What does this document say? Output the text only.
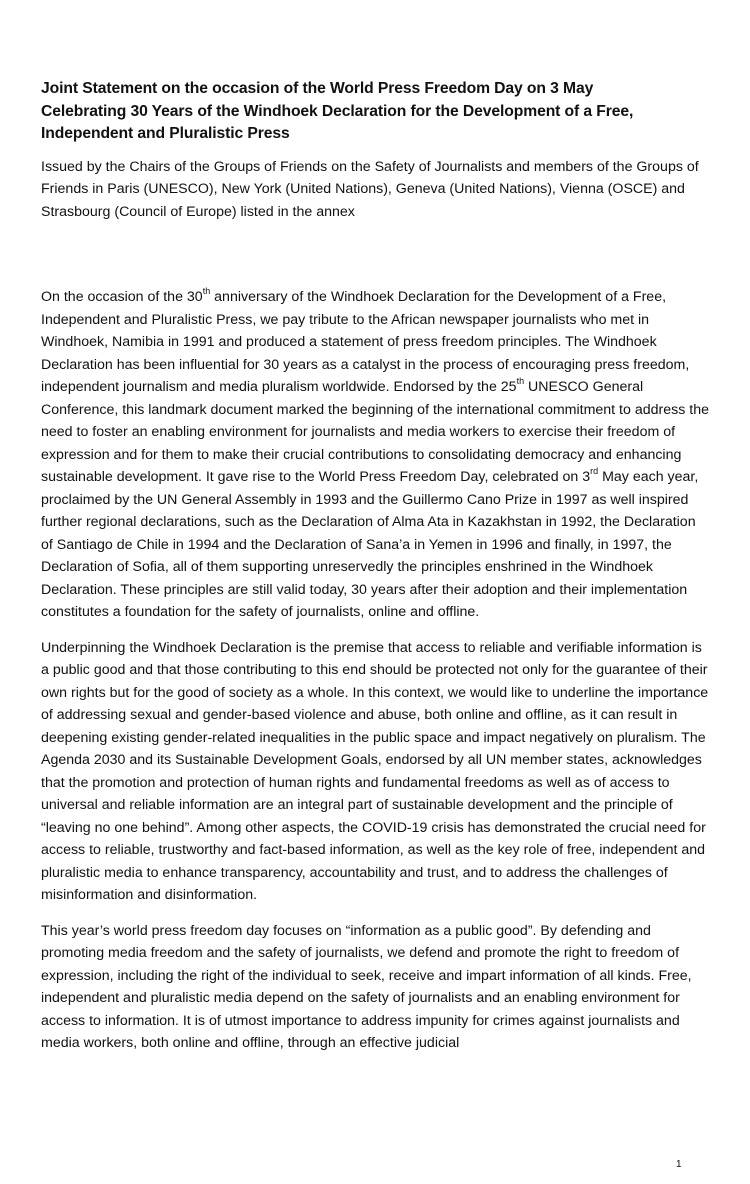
Joint Statement on the occasion of the World Press Freedom Day on 3 May
Celebrating 30 Years of the Windhoek Declaration for the Development of a Free,
Independent and Pluralistic Press

Issued by the Chairs of the Groups of Friends on the Safety of Journalists and members of the Groups of Friends in Paris (UNESCO), New York (United Nations), Geneva (United Nations), Vienna (OSCE) and Strasbourg (Council of Europe) listed in the annex

On the occasion of the 30th anniversary of the Windhoek Declaration for the Development of a Free, Independent and Pluralistic Press, we pay tribute to the African newspaper journalists who met in Windhoek, Namibia in 1991 and produced a statement of press freedom principles. The Windhoek Declaration has been influential for 30 years as a catalyst in the process of encouraging press freedom, independent journalism and media pluralism worldwide. Endorsed by the 25th UNESCO General Conference, this landmark document marked the beginning of the international commitment to address the need to foster an enabling environment for journalists and media workers to exercise their freedom of expression and for them to make their crucial contributions to consolidating democracy and enhancing sustainable development. It gave rise to the World Press Freedom Day, celebrated on 3rd May each year, proclaimed by the UN General Assembly in 1993 and the Guillermo Cano Prize in 1997 as well inspired further regional declarations, such as the Declaration of Alma Ata in Kazakhstan in 1992, the Declaration of Santiago de Chile in 1994 and the Declaration of Sana’a in Yemen in 1996 and finally, in 1997, the Declaration of Sofia, all of them supporting unreservedly the principles enshrined in the Windhoek Declaration. These principles are still valid today, 30 years after their adoption and their implementation constitutes a foundation for the safety of journalists, online and offline.

Underpinning the Windhoek Declaration is the premise that access to reliable and verifiable information is a public good and that those contributing to this end should be protected not only for the guarantee of their own rights but for the good of society as a whole. In this context, we would like to underline the importance of addressing sexual and gender-based violence and abuse, both online and offline, as it can result in deepening existing gender-related inequalities in the public space and impact negatively on pluralism. The Agenda 2030 and its Sustainable Development Goals, endorsed by all UN member states, acknowledges that the promotion and protection of human rights and fundamental freedoms as well as of access to universal and reliable information are an integral part of sustainable development and the principle of “leaving no one behind”. Among other aspects, the COVID-19 crisis has demonstrated the crucial need for access to reliable, trustworthy and fact-based information, as well as the key role of free, independent and pluralistic media to enhance transparency, accountability and trust, and to address the challenges of misinformation and disinformation.

This year’s world press freedom day focuses on “information as a public good”. By defending and promoting media freedom and the safety of journalists, we defend and promote the right to freedom of expression, including the right of the individual to seek, receive and impart information of all kinds. Free, independent and pluralistic media depend on the safety of journalists and an enabling environment for access to information. It is of utmost importance to address impunity for crimes against journalists and media workers, both online and offline, through an effective judicial

1
